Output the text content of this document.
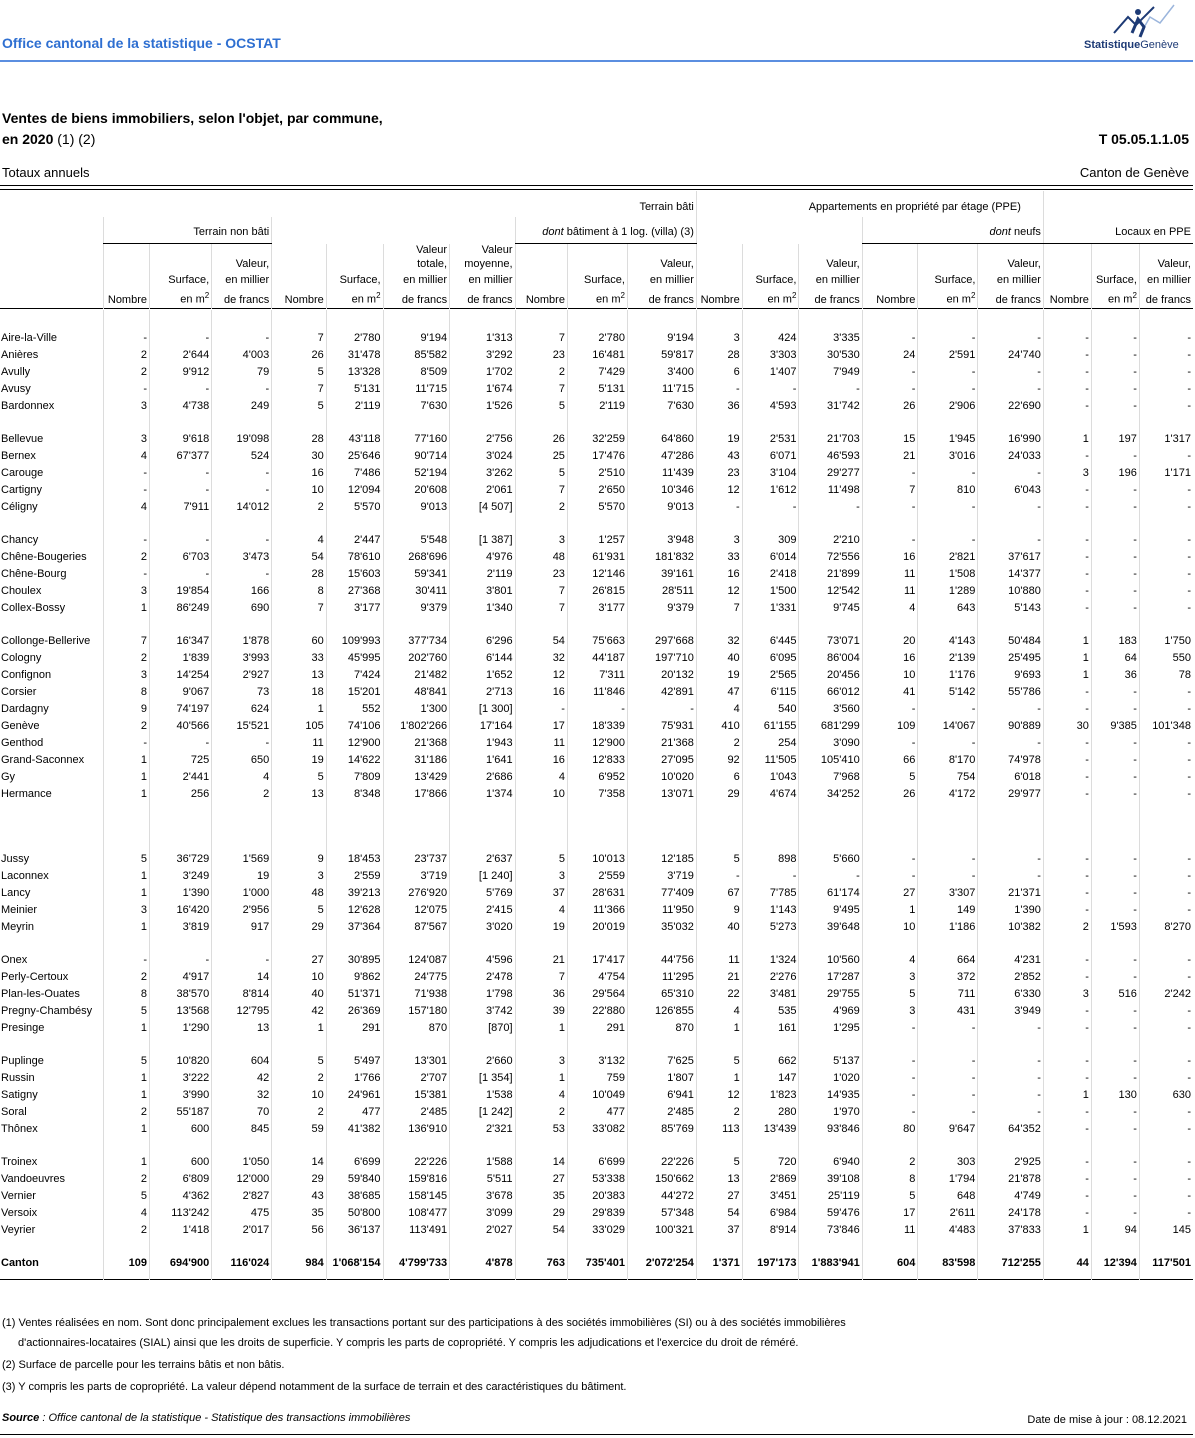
Office cantonal de la statistique - OCSTAT	StatistiqueGenève
Ventes de biens immobiliers, selon l'objet, par commune,
en 2020 (1) (2)	T 05.05.1.1.05
Totaux annuels	Canton de Genève
Terrain bâti											Appartements en propriété par étage (PPE)								
	Terrain non bâti							dont bâtiment à 1 log. (villa) (3)						dont neufs			Locaux en PPE		
						Valeur	Valeur												
			Valeur,			totale,	moyenne,			Valeur,			Valeur,			Valeur,			Valeur,
		Surface,	en millier		Surface,	en millier	en millier		Surface,	en millier		Surface,	en millier		Surface,	en millier		Surface,	en millier
	Nombre	en $m^2$	de francs	Nombre	en $m^2$	de francs	de francs	Nombre	en $m^2$	de francs	Nombre	en $m^2$	de francs	Nombre	en $m^2$	de francs	Nombre	en $m^2$	de francs

Aire-la-Ville	-	-	-	7	2'780	9'194	1'313	7	2'780	9'194	3	424	3'335	-	-	-	-	-	-
Anières	2	2'644	4'003	26	31'478	85'582	3'292	23	16'481	59'817	28	3'303	30'530	24	2'591	24'740	-	-	-
Avully	2	9'912	79	5	13'328	8'509	1'702	2	7'429	3'400	6	1'407	7'949	-	-	-	-	-	-
Avusy	-	-	-	7	5'131	11'715	1'674	7	5'131	11'715	-	-	-	-	-	-	-	-	-
Bardonnex	3	4'738	249	5	2'119	7'630	1'526	5	2'119	7'630	36	4'593	31'742	26	2'906	22'690	-	-	-

Bellevue	3	9'618	19'098	28	43'118	77'160	2'756	26	32'259	64'860	19	2'531	21'703	15	1'945	16'990	1	197	1'317
Bernex	4	67'377	524	30	25'646	90'714	3'024	25	17'476	47'286	43	6'071	46'593	21	3'016	24'033	-	-	-
Carouge	-	-	-	16	7'486	52'194	3'262	5	2'510	11'439	23	3'104	29'277	-	-	-	3	196	1'171
Cartigny	-	-	-	10	12'094	20'608	2'061	7	2'650	10'346	12	1'612	11'498	7	810	6'043	-	-	-
Céligny	4	7'911	14'012	2	5'570	9'013	[4 507]	2	5'570	9'013	-	-	-	-	-	-	-	-	-

Chancy	-	-	-	4	2'447	5'548	[1 387]	3	1'257	3'948	3	309	2'210	-	-	-	-	-	-
Chêne-Bougeries	2	6'703	3'473	54	78'610	268'696	4'976	48	61'931	181'832	33	6'014	72'556	16	2'821	37'617	-	-	-
Chêne-Bourg	-	-	-	28	15'603	59'341	2'119	23	12'146	39'161	16	2'418	21'899	11	1'508	14'377	-	-	-
Choulex	3	19'854	166	8	27'368	30'411	3'801	7	26'815	28'511	12	1'500	12'542	11	1'289	10'880	-	-	-
Collex-Bossy	1	86'249	690	7	3'177	9'379	1'340	7	3'177	9'379	7	1'331	9'745	4	643	5'143	-	-	-

Collonge-Bellerive	7	16'347	1'878	60	109'993	377'734	6'296	54	75'663	297'668	32	6'445	73'071	20	4'143	50'484	1	183	1'750
Cologny	2	1'839	3'993	33	45'995	202'760	6'144	32	44'187	197'710	40	6'095	86'004	16	2'139	25'495	1	64	550
Confignon	3	14'254	2'927	13	7'424	21'482	1'652	12	7'311	20'132	19	2'565	20'456	10	1'176	9'693	1	36	78
Corsier	8	9'067	73	18	15'201	48'841	2'713	16	11'846	42'891	47	6'115	66'012	41	5'142	55'786	-	-	-
Dardagny	9	74'197	624	1	552	1'300	[1 300]	-	-	-	4	540	3'560	-	-	-	-	-	-
Genève	2	40'566	15'521	105	74'106	1'802'266	17'164	17	18'339	75'931	410	61'155	681'299	109	14'067	90'889	30	9'385	101'348
Genthod	-	-	-	11	12'900	21'368	1'943	11	12'900	21'368	2	254	3'090	-	-	-	-	-	-
Grand-Saconnex	1	725	650	19	14'622	31'186	1'641	16	12'833	27'095	92	11'505	105'410	66	8'170	74'978	-	-	-
Gy	1	2'441	4	5	7'809	13'429	2'686	4	6'952	10'020	6	1'043	7'968	5	754	6'018	-	-	-
Hermance	1	256	2	13	8'348	17'866	1'374	10	7'358	13'071	29	4'674	34'252	26	4'172	29'977	-	-	-

Jussy	5	36'729	1'569	9	18'453	23'737	2'637	5	10'013	12'185	5	898	5'660	-	-	-	-	-	-
Laconnex	1	3'249	19	3	2'559	3'719	[1 240]	3	2'559	3'719	-	-	-	-	-	-	-	-	-
Lancy	1	1'390	1'000	48	39'213	276'920	5'769	37	28'631	77'409	67	7'785	61'174	27	3'307	21'371	-	-	-
Meinier	3	16'420	2'956	5	12'628	12'075	2'415	4	11'366	11'950	9	1'143	9'495	1	149	1'390	-	-	-
Meyrin	1	3'819	917	29	37'364	87'567	3'020	19	20'019	35'032	40	5'273	39'648	10	1'186	10'382	2	1'593	8'270

Onex	-	-	-	27	30'895	124'087	4'596	21	17'417	44'756	11	1'324	10'560	4	664	4'231	-	-	-
Perly-Certoux	2	4'917	14	10	9'862	24'775	2'478	7	4'754	11'295	21	2'276	17'287	3	372	2'852	-	-	-
Plan-les-Ouates	8	38'570	8'814	40	51'371	71'938	1'798	36	29'564	65'310	22	3'481	29'755	5	711	6'330	3	516	2'242
Pregny-Chambésy	5	13'568	12'795	42	26'369	157'180	3'742	39	22'880	126'855	4	535	4'969	3	431	3'949	-	-	-
Presinge	1	1'290	13	1	291	870	[870]	1	291	870	1	161	1'295	-	-	-	-	-	-

Puplinge	5	10'820	604	5	5'497	13'301	2'660	3	3'132	7'625	5	662	5'137	-	-	-	-	-	-
Russin	1	3'222	42	2	1'766	2'707	[1 354]	1	759	1'807	1	147	1'020	-	-	-	-	-	-
Satigny	1	3'990	32	10	24'961	15'381	1'538	4	10'049	6'941	12	1'823	14'935	-	-	-	1	130	630
Soral	2	55'187	70	2	477	2'485	[1 242]	2	477	2'485	2	280	1'970	-	-	-	-	-	-
Thônex	1	600	845	59	41'382	136'910	2'321	53	33'082	85'769	113	13'439	93'846	80	9'647	64'352	-	-	-

Troinex	1	600	1'050	14	6'699	22'226	1'588	14	6'699	22'226	5	720	6'940	2	303	2'925	-	-	-
Vandoeuvres	2	6'809	12'000	29	59'840	159'816	5'511	27	53'338	150'662	13	2'869	39'108	8	1'794	21'878	-	-	-
Vernier	5	4'362	2'827	43	38'685	158'145	3'678	35	20'383	44'272	27	3'451	25'119	5	648	4'749	-	-	-
Versoix	4	113'242	475	35	50'800	108'477	3'099	29	29'839	57'348	54	6'984	59'476	17	2'611	24'178	-	-	-
Veyrier	2	1'418	2'017	56	36'137	113'491	2'027	54	33'029	100'321	37	8'914	73'846	11	4'483	37'833	1	94	145

Canton	109	694'900	116'024	984	1'068'154	4'799'733	4'878	763	735'401	2'072'254	1'371	197'173	1'883'941	604	83'598	712'255	44	12'394	117'501

(1) Ventes réalisées en nom. Sont donc principalement exclues les transactions portant sur des participations à des sociétés immobilières (SI) ou à des sociétés immobilières
d'actionnaires-locataires (SIAL) ainsi que les droits de superficie. Y compris les parts de copropriété. Y compris les adjudications et l'exercice du droit de réméré.
(2) Surface de parcelle pour les terrains bâtis et non bâtis.
(3) Y compris les parts de copropriété. La valeur dépend notamment de la surface de terrain et des caractéristiques du bâtiment.
Source : Office cantonal de la statistique - Statistique des transactions immobilières	Date de mise à jour : 08.12.2021
